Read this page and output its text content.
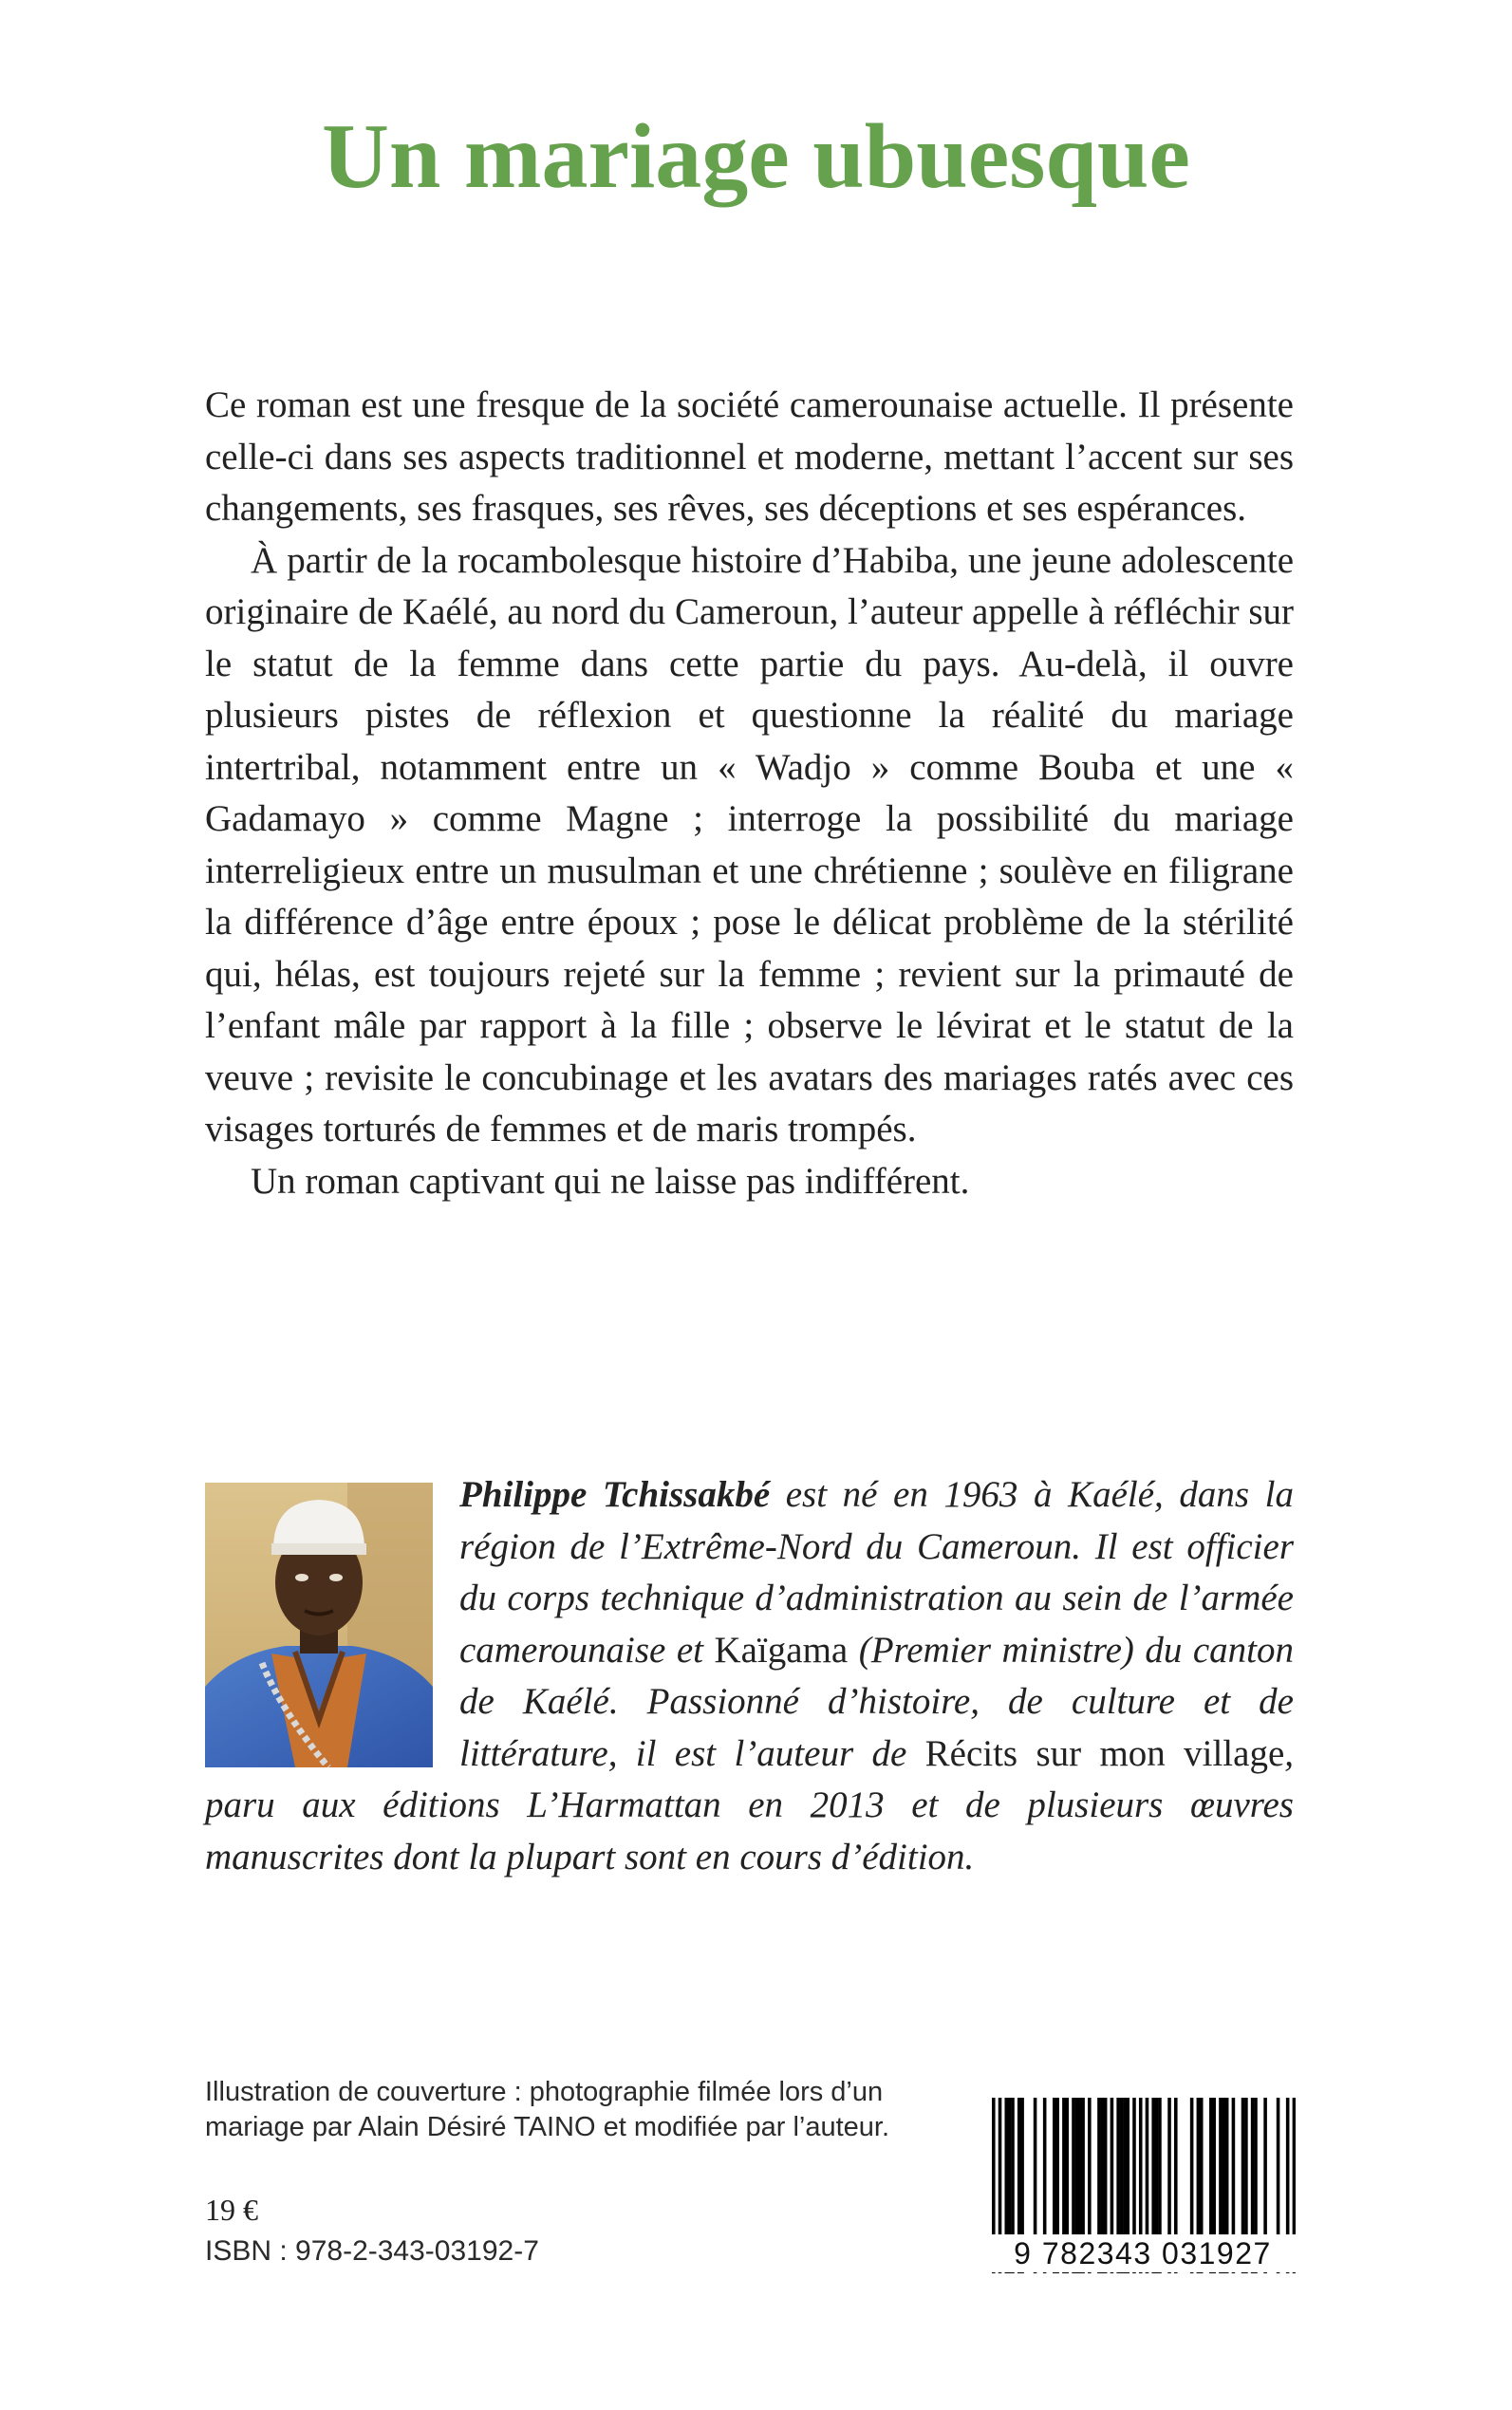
Un mariage ubuesque

Ce roman est une fresque de la société camerounaise actuelle. Il présente celle-ci dans ses aspects traditionnel et moderne, mettant l’accent sur ses changements, ses frasques, ses rêves, ses déceptions et ses espérances.

À partir de la rocambolesque histoire d’Habiba, une jeune adolescente originaire de Kaélé, au nord du Cameroun, l’auteur appelle à réfléchir sur le statut de la femme dans cette partie du pays. Au-delà, il ouvre plusieurs pistes de réflexion et questionne la réalité du mariage intertribal, notamment entre un « Wadjo » comme Bouba et une « Gadamayo » comme Magne ; interroge la possibilité du mariage interreligieux entre un musulman et une chrétienne ; soulève en filigrane la différence d’âge entre époux ; pose le délicat problème de la stérilité qui, hélas, est toujours rejeté sur la femme ; revient sur la primauté de l’enfant mâle par rapport à la fille ; observe le lévirat et le statut de la veuve ; revisite le concubinage et les avatars des mariages ratés avec ces visages torturés de femmes et de maris trompés.

Un roman captivant qui ne laisse pas indifférent.

Philippe Tchissakbé est né en 1963 à Kaélé, dans la région de l’Extrême-Nord du Cameroun. Il est officier du corps technique d’administration au sein de l’armée camerounaise et Kaïgama (Premier ministre) du canton de Kaélé. Passionné d’histoire, de culture et de littérature, il est l’auteur de Récits sur mon village, paru aux éditions L’Harmattan en 2013 et de plusieurs œuvres manuscrites dont la plupart sont en cours d’édition.
Illustration de couverture : photographie filmée lors d’un mariage par Alain Désiré TAINO et modifiée par l’auteur.
19 €
ISBN : 978-2-343-03192-7	9 782343 031927
